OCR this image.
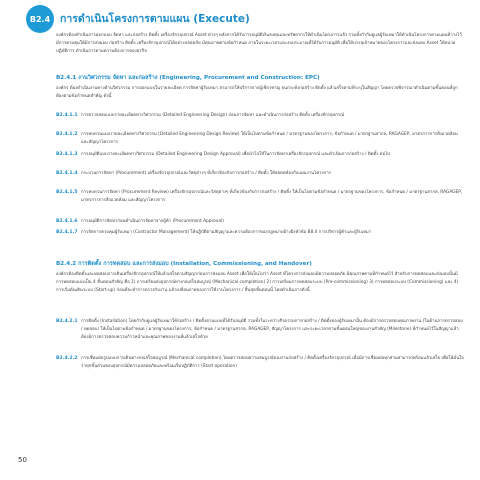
B2.4 การดำเนินโครงการตามแผน (Execute)
องค์กรต้องดำเนินการออกแบบ จัดหา และก่อสร้าง ติดตั้ง เครื่องจักรอุปกรณ์ Asset ต่างๆ หลังจากได้รับการอนุมัติเงินลงทุนและทรัพยากรให้ดำเนินโครงการแล้ว รวมทั้งกำกับดูแลผู้รับเหมาให้ดำเนินโครงการตามแผนที่วางไว้ มีการควบคุมให้มีการส่งมอบ ก่อสร้าง ติดตั้ง เครื่องจักรอุปกรณ์ได้อย่างปลอดภัย มีคุณภาพตามข้อกำหนด ภายในระยะเวลาและงบประมาณที่ได้รับการอนุมัติ เพื่อให้บรรลุเป้าหมายของโครงการและส่งมอบ Asset ให้หน่วยปฏิบัติการ ดำเนินการตามความต้องการของธุรกิจ
B2.4.1 งานวิศวกรรม จัดหา และก่อสร้าง (Engineering, Procurement and Construction: EPC)
องค์กร ต้องดำเนินงานทางด้านวิศวกรรม การออกแบบในรายละเอียด การจัดหาผู้รับเหมา สามารถให้บริการจากผู้เชี่ยวชาญ จนกระทั่งก่อสร้าง ติดตั้ง แล้วเสร็จตามที่ระบุในสัญญา โดยตรวจพิจารณาดำเนินตามขั้นตอนที่ถูกต้องตามข้อกำหนดสำคัญ ดังนี้
B2.4.1.1 การตรวจสอบแบบรายละเอียดทางวิศวกรรม (Detailed Engineering Design) ก่อนการจัดหา และดำเนินการก่อสร้าง ติดตั้ง เครื่องจักรอุปกรณ์
B2.4.1.2 การทบทวนแบบรายละเอียดทางวิศวกรรม (Detailed Engineering Design Review) ให้เป็นไปตามข้อกำหนด / มาตรฐานของโครงการ, ข้อกำหนด / มาตรฐานสากล, RAGAGEP, มาตรการการสิ่งแวดล้อม และสัญญาโครงการ
B2.4.1.3 การอนุมัติแบบรายละเอียดทางวิศวกรรม (Detailed Engineering Design Approval) เพื่อนำไปใช้ในการจัดหาเครื่องจักรอุปกรณ์ และดำเนินการก่อสร้าง / ติดตั้ง ต่อไป
B2.4.1.4 กระบวนการจัดหา (Procurement) เครื่องจักรอุปกรณ์และวัสดุต่างๆ ที่เกี่ยวข้องกับการก่อสร้าง / ติดตั้ง ให้สอดคล้องกับแผนงานโครงการ
B2.4.1.5 การทบทวนการจัดหา (Procurement Review) เครื่องจักรอุปกรณ์และวัสดุต่างๆ ที่เกี่ยวข้องกับการก่อสร้าง / ติดตั้ง ให้เป็นไปตามข้อกำหนด / มาตรฐานของโครงการ, ข้อกำหนด / มาตรฐานสากล, RAGAGEP, มาตรการการสิ่งแวดล้อม และสัญญาโครงการ
B2.4.1.6 การอนุมัติการจัดหาก่อนดำเนินการจัดหาจากผู้ค้า (Procurement Approval)
B2.4.1.7 การจัดการควบคุมผู้รับเหมา (Contractor Management) ให้ปฏิบัติตามสัญญาและความต้องการของกฎหมายอ้างอิงหัวข้อ B8.4 การบริหารผู้ค้าและผู้รับเหมา
B2.4.2 การติดตั้ง การทดสอบ และการส่งมอบ (Installation, Commissioning, and Handover)
องค์กรต้องติดตั้งและทดสอบการเดินเครื่องจักรอุปกรณ์ให้แล้วเสร็จตามสัญญาก่อนการส่งมอบ Asset เพื่อให้เป็นไปว่า Asset ที่โครงการส่งมอบมีความปลอดภัย มีคุณภาพตามที่กำหนดไว้ สำหรับการทดสอบและส่งมอบนั้นมีการทดสอบแบ่งเป็น 4 ขั้นตอนสำคัญ คือ 1) การเตรียมส่งอุปกรณ์ทางกลเสร็จสมบูรณ์ (Mechanical completion) 2) การเตรียมการทดสอบระบบ (Pre-commissioning) 3) การทดสอบระบบ (Commissioning) และ 4) การเริ่มต้นเดินระบบ (Start-up) ก่อนที่จะทำการตรวจรับงาน แล้วเปลี่ยนถ่ายของการใช้งานโครงการ / สิ้นสุดขั้นตอนนี้ โดยดำเนินการดังนี้
B2.4.2.1 การติดตั้ง (Installation) โดยกำกับดูแลผู้รับเหมาให้ก่อสร้าง / ติดตั้งตามแบบที่ได้รับอนุมัติ รวมทั้งในระหว่างกิจกรรมการก่อสร้าง / ติดตั้งของผู้รับเหมานั้น ต้องมีการตรวจสอบคุณภาพงาน (ในด้านการตรวจสอบ / ทดสอบ) ให้เป็นไปตามข้อกำหนด / มาตรฐานของโครงการ, ข้อกำหนด / มาตรฐานสากล, RAGAGEP, สัญญาโครงการ และระยะเวลาตามขั้นตอนใหญ่ของงานสำคัญ (Milestone) ที่กำหนดไว้ในสัญญาแล้ว ต้องมีการตรวจสอบความก้าวหน้าและคุณภาพของงานที่แล้วเสร็จด้วย
B2.4.2.2 การเชื่อมต่อรูปแบบการเดินทางกลเสร็จสมบูรณ์ (Mechanical completion) โดยตรวจสอบความสมบูรณ์ของงานก่อสร้าง / ติดตั้งเครื่องจักรอุปกรณ์ เมื่อมีการเชื่อมต่อทุกส่วนสามารถพร้อมแล้วเสร็จ เพื่อให้มั่นใจว่าทุกขั้นส่วนของอุปกรณ์มีความปลอดภัยและพร้อมเริ่มปฏิบัติการ (Start operation)
50
